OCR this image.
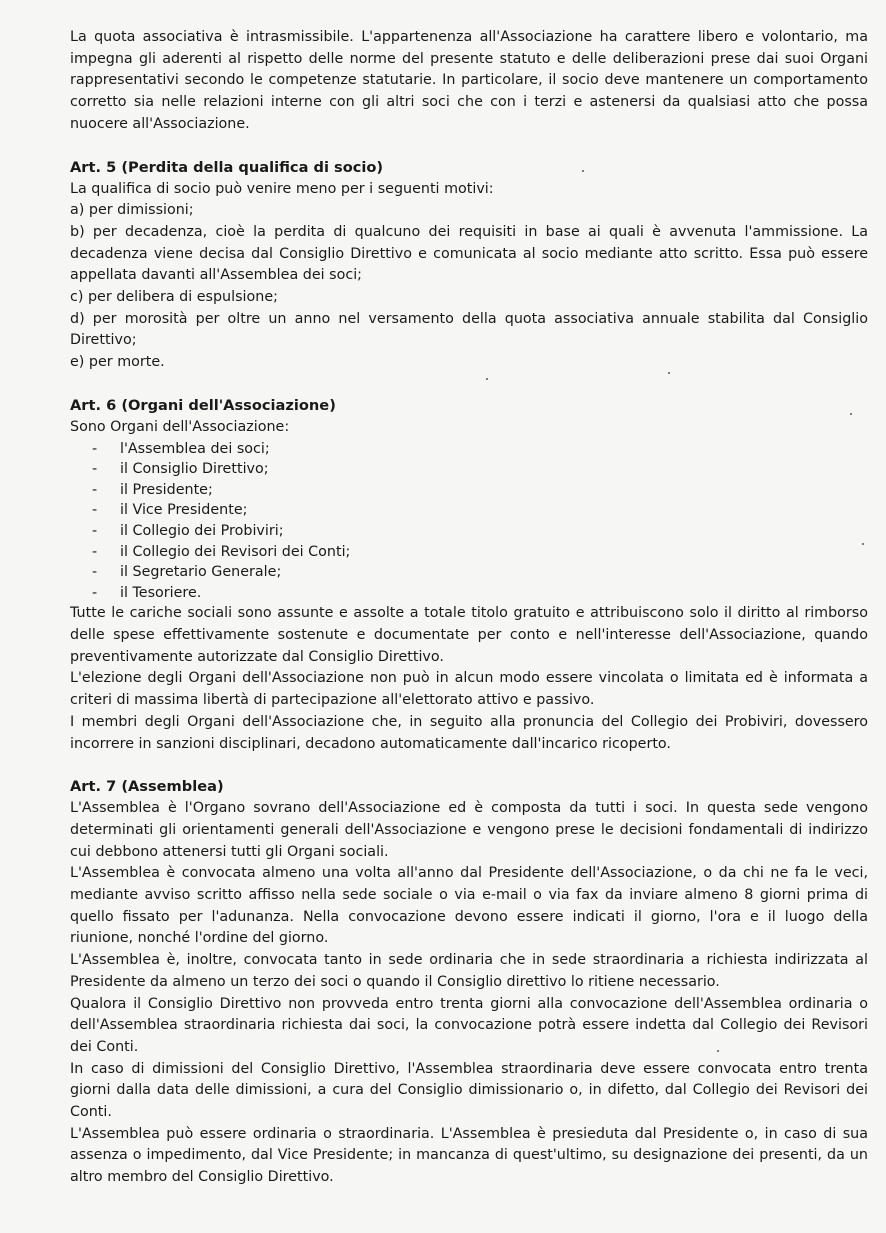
La quota associativa è intrasmissibile. L'appartenenza all'Associazione ha carattere libero e volontario, ma impegna gli aderenti al rispetto delle norme del presente statuto e delle deliberazioni prese dai suoi Organi rappresentativi secondo le competenze statutarie. In particolare, il socio deve mantenere un comportamento corretto sia nelle relazioni interne con gli altri soci che con i terzi e astenersi da qualsiasi atto che possa nuocere all'Associazione.

Art. 5 (Perdita della qualifica di socio)

La qualifica di socio può venire meno per i seguenti motivi:

a) per dimissioni;

b) per decadenza, cioè la perdita di qualcuno dei requisiti in base ai quali è avvenuta l'ammissione. La decadenza viene decisa dal Consiglio Direttivo e comunicata al socio mediante atto scritto. Essa può essere appellata davanti all'Assemblea dei soci;

c) per delibera di espulsione;

d) per morosità per oltre un anno nel versamento della quota associativa annuale stabilita dal Consiglio Direttivo;

e) per morte.

Art. 6 (Organi dell'Associazione)

Sono Organi dell'Associazione:

-	l'Assemblea dei soci;
-	il Consiglio Direttivo;
-	il Presidente;
-	il Vice Presidente;
-	il Collegio dei Probiviri;
-	il Collegio dei Revisori dei Conti;
-	il Segretario Generale;
-	il Tesoriere.

Tutte le cariche sociali sono assunte e assolte a totale titolo gratuito e attribuiscono solo il diritto al rimborso delle spese effettivamente sostenute e documentate per conto e nell'interesse dell'Associazione, quando preventivamente autorizzate dal Consiglio Direttivo.

L'elezione degli Organi dell'Associazione non può in alcun modo essere vincolata o limitata ed è informata a criteri di massima libertà di partecipazione all'elettorato attivo e passivo.

I membri degli Organi dell'Associazione che, in seguito alla pronuncia del Collegio dei Probiviri, dovessero incorrere in sanzioni disciplinari, decadono automaticamente dall'incarico ricoperto.

Art. 7 (Assemblea)

L'Assemblea è l'Organo sovrano dell'Associazione ed è composta da tutti i soci. In questa sede vengono determinati gli orientamenti generali dell'Associazione e vengono prese le decisioni fondamentali di indirizzo cui debbono attenersi tutti gli Organi sociali.

L'Assemblea è convocata almeno una volta all'anno dal Presidente dell'Associazione, o da chi ne fa le veci, mediante avviso scritto affisso nella sede sociale o via e-mail o via fax da inviare almeno 8 giorni prima di quello fissato per l'adunanza. Nella convocazione devono essere indicati il giorno, l'ora e il luogo della riunione, nonché l'ordine del giorno.

L'Assemblea è, inoltre, convocata tanto in sede ordinaria che in sede straordinaria a richiesta indirizzata al Presidente da almeno un terzo dei soci o quando il Consiglio direttivo lo ritiene necessario.

Qualora il Consiglio Direttivo non provveda entro trenta giorni alla convocazione dell'Assemblea ordinaria o dell'Assemblea straordinaria richiesta dai soci, la convocazione potrà essere indetta dal Collegio dei Revisori dei Conti.

In caso di dimissioni del Consiglio Direttivo, l'Assemblea straordinaria deve essere convocata entro trenta giorni dalla data delle dimissioni, a cura del Consiglio dimissionario o, in difetto, dal Collegio dei Revisori dei Conti.

L'Assemblea può essere ordinaria o straordinaria. L'Assemblea è presieduta dal Presidente o, in caso di sua assenza o impedimento, dal Vice Presidente; in mancanza di quest'ultimo, su designazione dei presenti, da un altro membro del Consiglio Direttivo.
